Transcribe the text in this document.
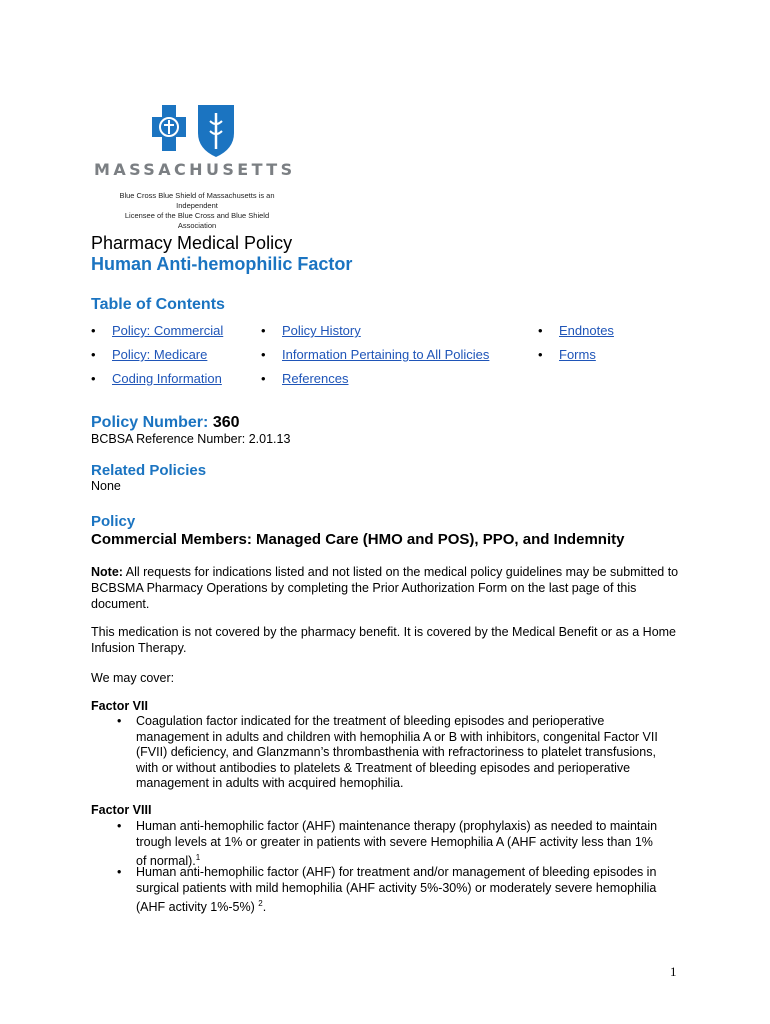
MASSACHUSETTS
Blue Cross Blue Shield of Massachusetts is an Independent
Licensee of the Blue Cross and Blue Shield Association
Pharmacy Medical Policy
Human Anti-hemophilic Factor
Table of Contents
• Policy: Commercial
• Policy: Medicare
• Coding Information
• Policy History
• Information Pertaining to All Policies
• References
• Endnotes
• Forms
Policy Number: 360
BCBSA Reference Number: 2.01.13
Related Policies
None
Policy
Commercial Members: Managed Care (HMO and POS), PPO, and Indemnity
Note: All requests for indications listed and not listed on the medical policy guidelines may be submitted to BCBSMA Pharmacy Operations by completing the Prior Authorization Form on the last page of this document.
This medication is not covered by the pharmacy benefit. It is covered by the Medical Benefit or as a Home Infusion Therapy.
We may cover:
Factor VII
• Coagulation factor indicated for the treatment of bleeding episodes and perioperative management in adults and children with hemophilia A or B with inhibitors, congenital Factor VII (FVII) deficiency, and Glanzmann’s thrombasthenia with refractoriness to platelet transfusions, with or without antibodies to platelets & Treatment of bleeding episodes and perioperative management in adults with acquired hemophilia.
Factor VIII
• Human anti-hemophilic factor (AHF) maintenance therapy (prophylaxis) as needed to maintain trough levels at 1% or greater in patients with severe Hemophilia A (AHF activity less than 1% of normal).$^1$
• Human anti-hemophilic factor (AHF) for treatment and/or management of bleeding episodes in surgical patients with mild hemophilia (AHF activity 5%-30%) or moderately severe hemophilia (AHF activity 1%-5%) $^2$.
1
